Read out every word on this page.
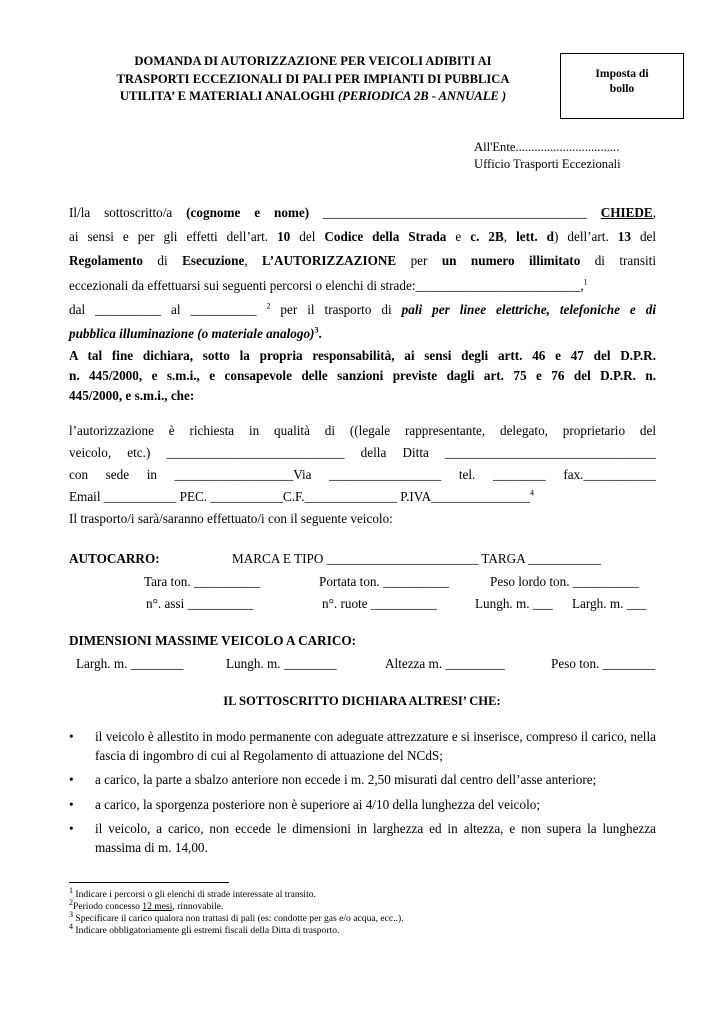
DOMANDA DI AUTORIZZAZIONE PER VEICOLI ADIBITI AI
TRASPORTI ECCEZIONALI DI PALI PER IMPIANTI DI PUBBLICA
UTILITA’ E MATERIALI ANALOGHI (PERIODICA 2B - ANNUALE )
Imposta di
bollo
All'Ente.................................
Ufficio Trasporti Eccezionali
Il/la sottoscritto/a (cognome e nome) ________________________________________ CHIEDE,
ai sensi e per gli effetti dell’art. 10 del Codice della Strada e c. 2B, lett. d) dell’art. 13 del
Regolamento di Esecuzione, L’AUTORIZZAZIONE per un numero illimitato di transiti
eccezionali da effettuarsi sui seguenti percorsi o elenchi di strade:_________________________,$^1$
dal __________ al __________ $^2$ per il trasporto di pali per linee elettriche, telefoniche e di
pubblica illuminazione (o materiale analogo)$^3$.
A tal fine dichiara, sotto la propria responsabilità, ai sensi degli artt. 46 e 47 del D.P.R.
n. 445/2000, e s.m.i., e consapevole delle sanzioni previste dagli art. 75 e 76 del D.P.R. n.
445/2000, e s.m.i., che:
l’autorizzazione è richiesta in qualità di ((legale rappresentante, delegato, proprietario del
veicolo, etc.) ___________________________ della Ditta ________________________________
con sede in __________________Via _________________ tel. ________ fax.___________
Email ___________ PEC. ___________C.F.______________ P.IVA_______________$^4$
Il trasporto/i sarà/saranno effettuato/i con il seguente veicolo:
AUTOCARRO:	MARCA E TIPO _______________________ TARGA ___________
Tara ton. __________	Portata ton. __________	Peso lordo ton. __________
n°. assi __________	n°. ruote __________	Lungh. m. ___ Largh. m. ___
DIMENSIONI MASSIME VEICOLO A CARICO:
Largh. m. ________	Lungh. m. ________	Altezza m. _________	Peso ton. ________
IL SOTTOSCRITTO DICHIARA ALTRESI’ CHE:
• il veicolo è allestito in modo permanente con adeguate attrezzature e si inserisce, compreso il carico, nella fascia di ingombro di cui al Regolamento di attuazione del NCdS;
• a carico, la parte a sbalzo anteriore non eccede i m. 2,50 misurati dal centro dell’asse anteriore;
• a carico, la sporgenza posteriore non è superiore ai 4/10 della lunghezza del veicolo;
• il veicolo, a carico, non eccede le dimensioni in larghezza ed in altezza, e non supera la lunghezza massima di m. 14,00.
$^1$ Indicare i percorsi o gli elenchi di strade interessate al transito.
$^2$Periodo concesso 12 mesi, rinnovabile.
$^3$ Specificare il carico qualora non trattasi di pali (es: condotte per gas e/o acqua, ecc..).
$^4$ Indicare obbligatoriamente gli estremi fiscali della Ditta di trasporto.
